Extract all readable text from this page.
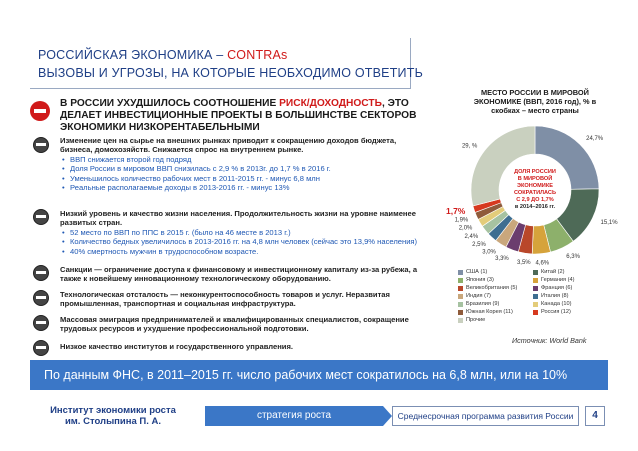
РОССИЙСКАЯ ЭКОНОМИКА – CONTRAs
ВЫЗОВЫ И УГРОЗЫ, НА КОТОРЫЕ НЕОБХОДИМО ОТВЕТИТЬ
В РОССИИ УХУДШИЛОСЬ СООТНОШЕНИЕ РИСК/ДОХОДНОСТЬ, ЭТО ДЕЛАЕТ ИНВЕСТИЦИОННЫЕ ПРОЕКТЫ В БОЛЬШИНСТВЕ СЕКТОРОВ ЭКОНОМИКИ НИЗКОРЕНТАБЕЛЬНЫМИ
Изменение цен на сырье на внешних рынках приводит к сокращению доходов бюджета, бизнеса, домохозяйств. Снижается спрос на внутреннем рынке.
• ВВП снижается второй год подряд
• Доля России в мировом ВВП снизилась с 2,9 % в 2013г. до 1,7 % в 2016 г.
• Уменьшилось количество рабочих мест в 2011-2015 гг. - минус 6,8 млн
• Реальные располагаемые доходы в 2013-2016 гг. - минус 13%
Низкий уровень и качество жизни населения. Продолжительность жизни на уровне наименее развитых стран.
• 52 место по ВВП по ППС в 2015 г. (было на 46 месте в 2013 г.)
• Количество бедных увеличилось в 2013-2016 гг. на 4,8 млн человек (сейчас это 13,9% населения)
• 40% смертность мужчин в трудоспособном возрасте.
Санкции — ограничение доступа к финансовому и инвестиционному капиталу из-за рубежа, а также к новейшему инновационному технологическому оборудованию.
Технологическая отсталость — неконкурентоспособность товаров и услуг. Неразвитая промышленная, транспортная и социальная инфраструктура.
Массовая эмиграция предпринимателей и квалифицированных специалистов, сокращение трудовых ресурсов и ухудшение профессиональной подготовки.
Низкое качество институтов и государственного управления.
МЕСТО РОССИИ В МИРОВОЙ ЭКОНОМИКЕ (ВВП, 2016 год), % в скобках – место страны
24,7%
15,1%
6,3%
4,6%
3,5%
3,3%
3,0%
2,5%
2,4%
2,0%
1,9%
1,7%
29, %
ДОЛЯ РОССИИ В МИРОВОЙ ЭКОНОМИКЕ СОКРАТИЛАСЬ С 2,9 ДО 1,7% в 2014–2016 гг.
США (1)	Китай (2)
Япония (3)	Германия (4)
Великобритания (5)	Франция (6)
Индия (7)	Италия (8)
Бразилия (9)	Канада (10)
Южная Корея (11)	Россия (12)
Прочие
Источник: World Bank
По данным ФНС, в 2011–2015 гг. число рабочих мест сократилось на 6,8 млн, или на 10%
Институт экономики роста
им. Столыпина П. А.
стратегия роста	Среднесрочная программа развития России	4
